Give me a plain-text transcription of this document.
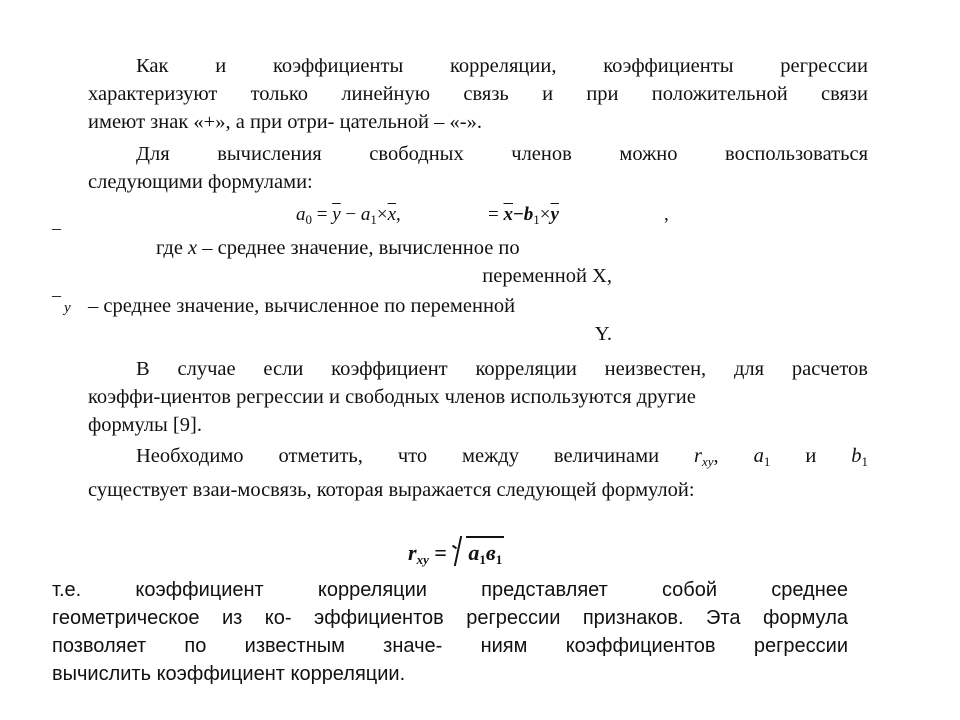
Как и коэффициенты корреляции, коэффициенты регрессии
характеризуют только линейную связь и при положительной связи
имеют знак «+», а при отри- цательной – «-».
Для вычисления свободных членов можно воспользоваться
следующими формулами:
$a_0 = \overline{y} - a_1\times\overline{x}$,	= $\overline{x}-b_1\times\overline{y}$	,
–
–
где x – среднее значение, вычисленное по
переменной X,
y – среднее значение, вычисленное по переменной
Y.
В случае если коэффициент корреляции неизвестен, для расчетов
коэффи-циентов регрессии и свободных членов используются другие
формулы [9].
Необходимо отметить, что между величинами $r_{xy}$, $a_1$ и $b_1$
существует взаи-мосвязь, которая выражается следующей формулой:
$r_{xy} = a_1в_1$
т.е. коэффициент корреляции представляет собой среднее
геометрическое из ко- эффициентов регрессии признаков. Эта формула
позволяет по известным значе- ниям коэффициентов регрессии
вычислить коэффициент корреляции.
